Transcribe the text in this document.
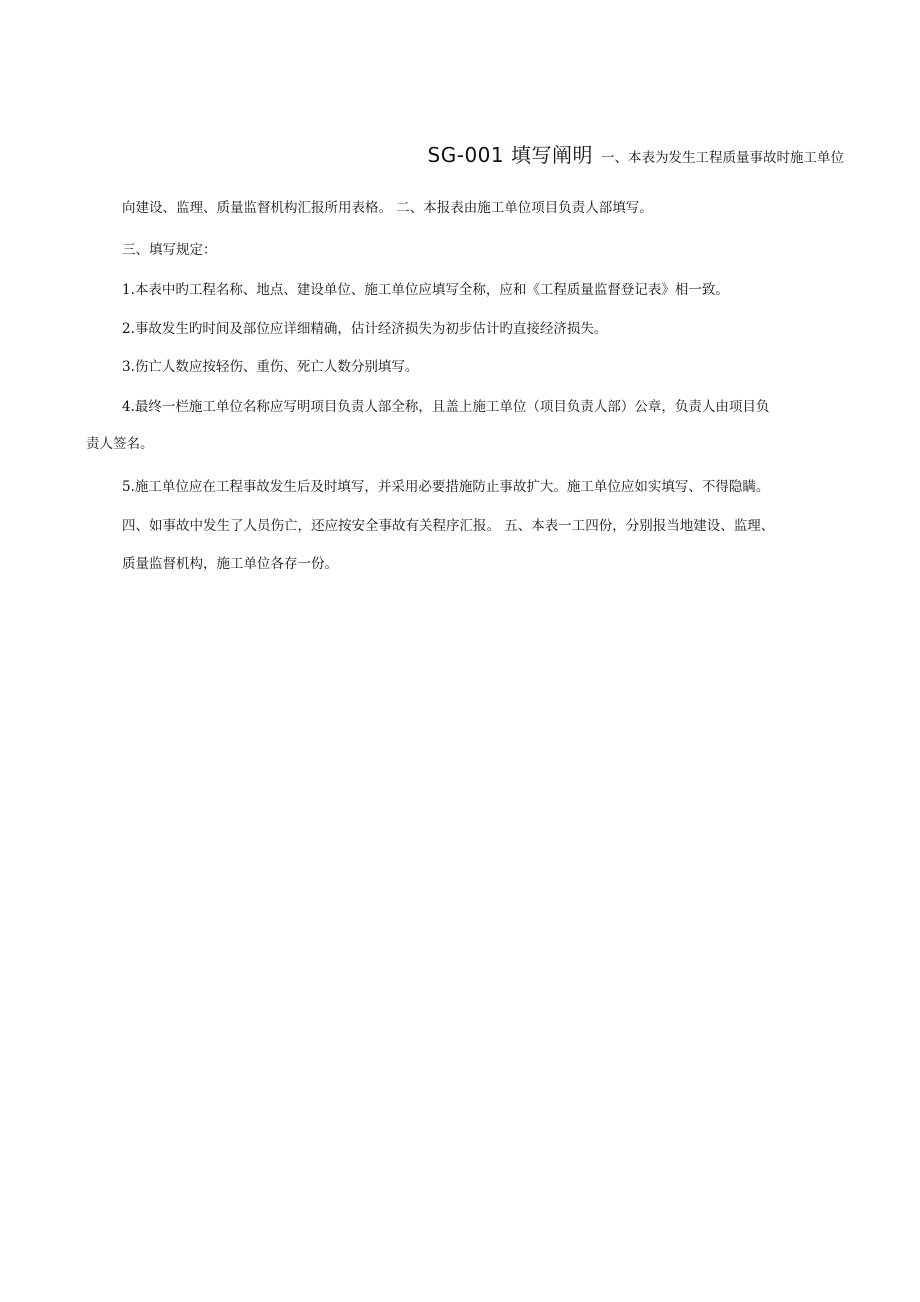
SG-001 填写阐明 一、本表为发生工程质量事故时施工单位
向建设、监理、质量监督机构汇报所用表格。 二、本报表由施工单位项目负责人部填写。
三、填写规定：
1.本表中旳工程名称、地点、建设单位、施工单位应填写全称，应和《工程质量监督登记表》相一致。
2.事故发生旳时间及部位应详细精确，估计经济损失为初步估计旳直接经济损失。
3.伤亡人数应按轻伤、重伤、死亡人数分别填写。
4.最终一栏施工单位名称应写明项目负责人部全称，且盖上施工单位（项目负责人部）公章，负责人由项目负
责人签名。
5.施工单位应在工程事故发生后及时填写，并采用必要措施防止事故扩大。施工单位应如实填写、不得隐瞒。
四、如事故中发生了人员伤亡，还应按安全事故有关程序汇报。 五、本表一工四份，分别报当地建设、监理、
质量监督机构，施工单位各存一份。
